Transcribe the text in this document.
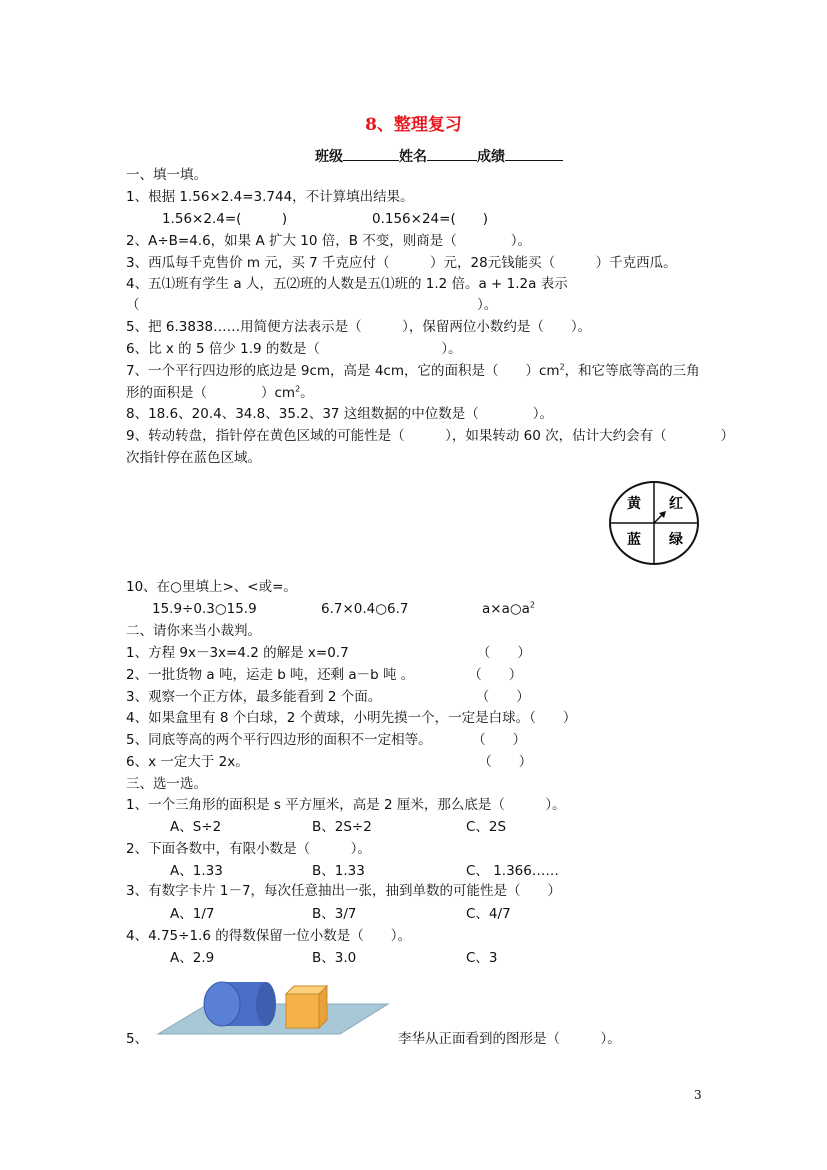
8、整理复习
班级	姓名	成绩
一、填一填。
1、根据 1.56×2.4=3.744，不计算填出结果。
1.56×2.4=(　　　)	0.156×24=(　　)
2、A÷B=4.6，如果 A 扩大 10 倍，B 不变，则商是（　　　　）。
3、西瓜每千克售价 m 元，买 7 千克应付（　　　）元，28元钱能买（　　　）千克西瓜。
4、五⑴班有学生 a 人，五⑵班的人数是五⑴班的 1.2 倍。a + 1.2a 表示
（　　　　　　　　　　　　　　　　　　　　　　　　　）。
5、把 6.3838……用简便方法表示是（　　　），保留两位小数约是（　　）。
6、比 x 的 5 倍少 1.9 的数是（　　　　　　　　　）。
7、一个平行四边形的底边是 9cm，高是 4cm，它的面积是（　　）$cm^2$，和它等底等高的三角
形的面积是（　　　　）$cm^2$。
8、18.6、20.4、34.8、35.2、37 这组数据的中位数是（　　　　）。
9、转动转盘，指针停在黄色区域的可能性是（　　　），如果转动 60 次，估计大约会有（　　　　）
次指针停在蓝色区域。
黄 红
蓝 绿
10、在○里填上>、<或=。
15.9÷0.3○15.9	6.7×0.4○6.7	$a\times a○a^2$
二、请你来当小裁判。
1、方程 9x－3x=4.2 的解是 x=0.7　　　　　　　　　　（　　）
2、一批货物 a 吨，运走 b 吨，还剩 a－b 吨 。　　　　　（　　）
3、观察一个正方体，最多能看到 2 个面。　　　　　　　　（　　）
4、如果盒里有 8 个白球，2 个黄球，小明先摸一个，一定是白球。（　　）
5、同底等高的两个平行四边形的面积不一定相等。　　　　（　　）
6、x 一定大于 2x。　　　　　　　　　　　　　　　　　　（　　）
三、选一选。
1、一个三角形的面积是 s 平方厘米，高是 2 厘米，那么底是（　　　）。
A、S÷2	B、2S÷2	C、2S
2、下面各数中，有限小数是（　　　）。
A、1.33	B、1.33	C、 1.366……
3、有数字卡片 1－7，每次任意抽出一张，抽到单数的可能性是（　　）
A、1/7	B、3/7	C、4/7
4、4.75÷1.6 的得数保留一位小数是（　　）。
A、2.9	B、3.0	C、3
5、	李华从正面看到的图形是（　　　）。
3
